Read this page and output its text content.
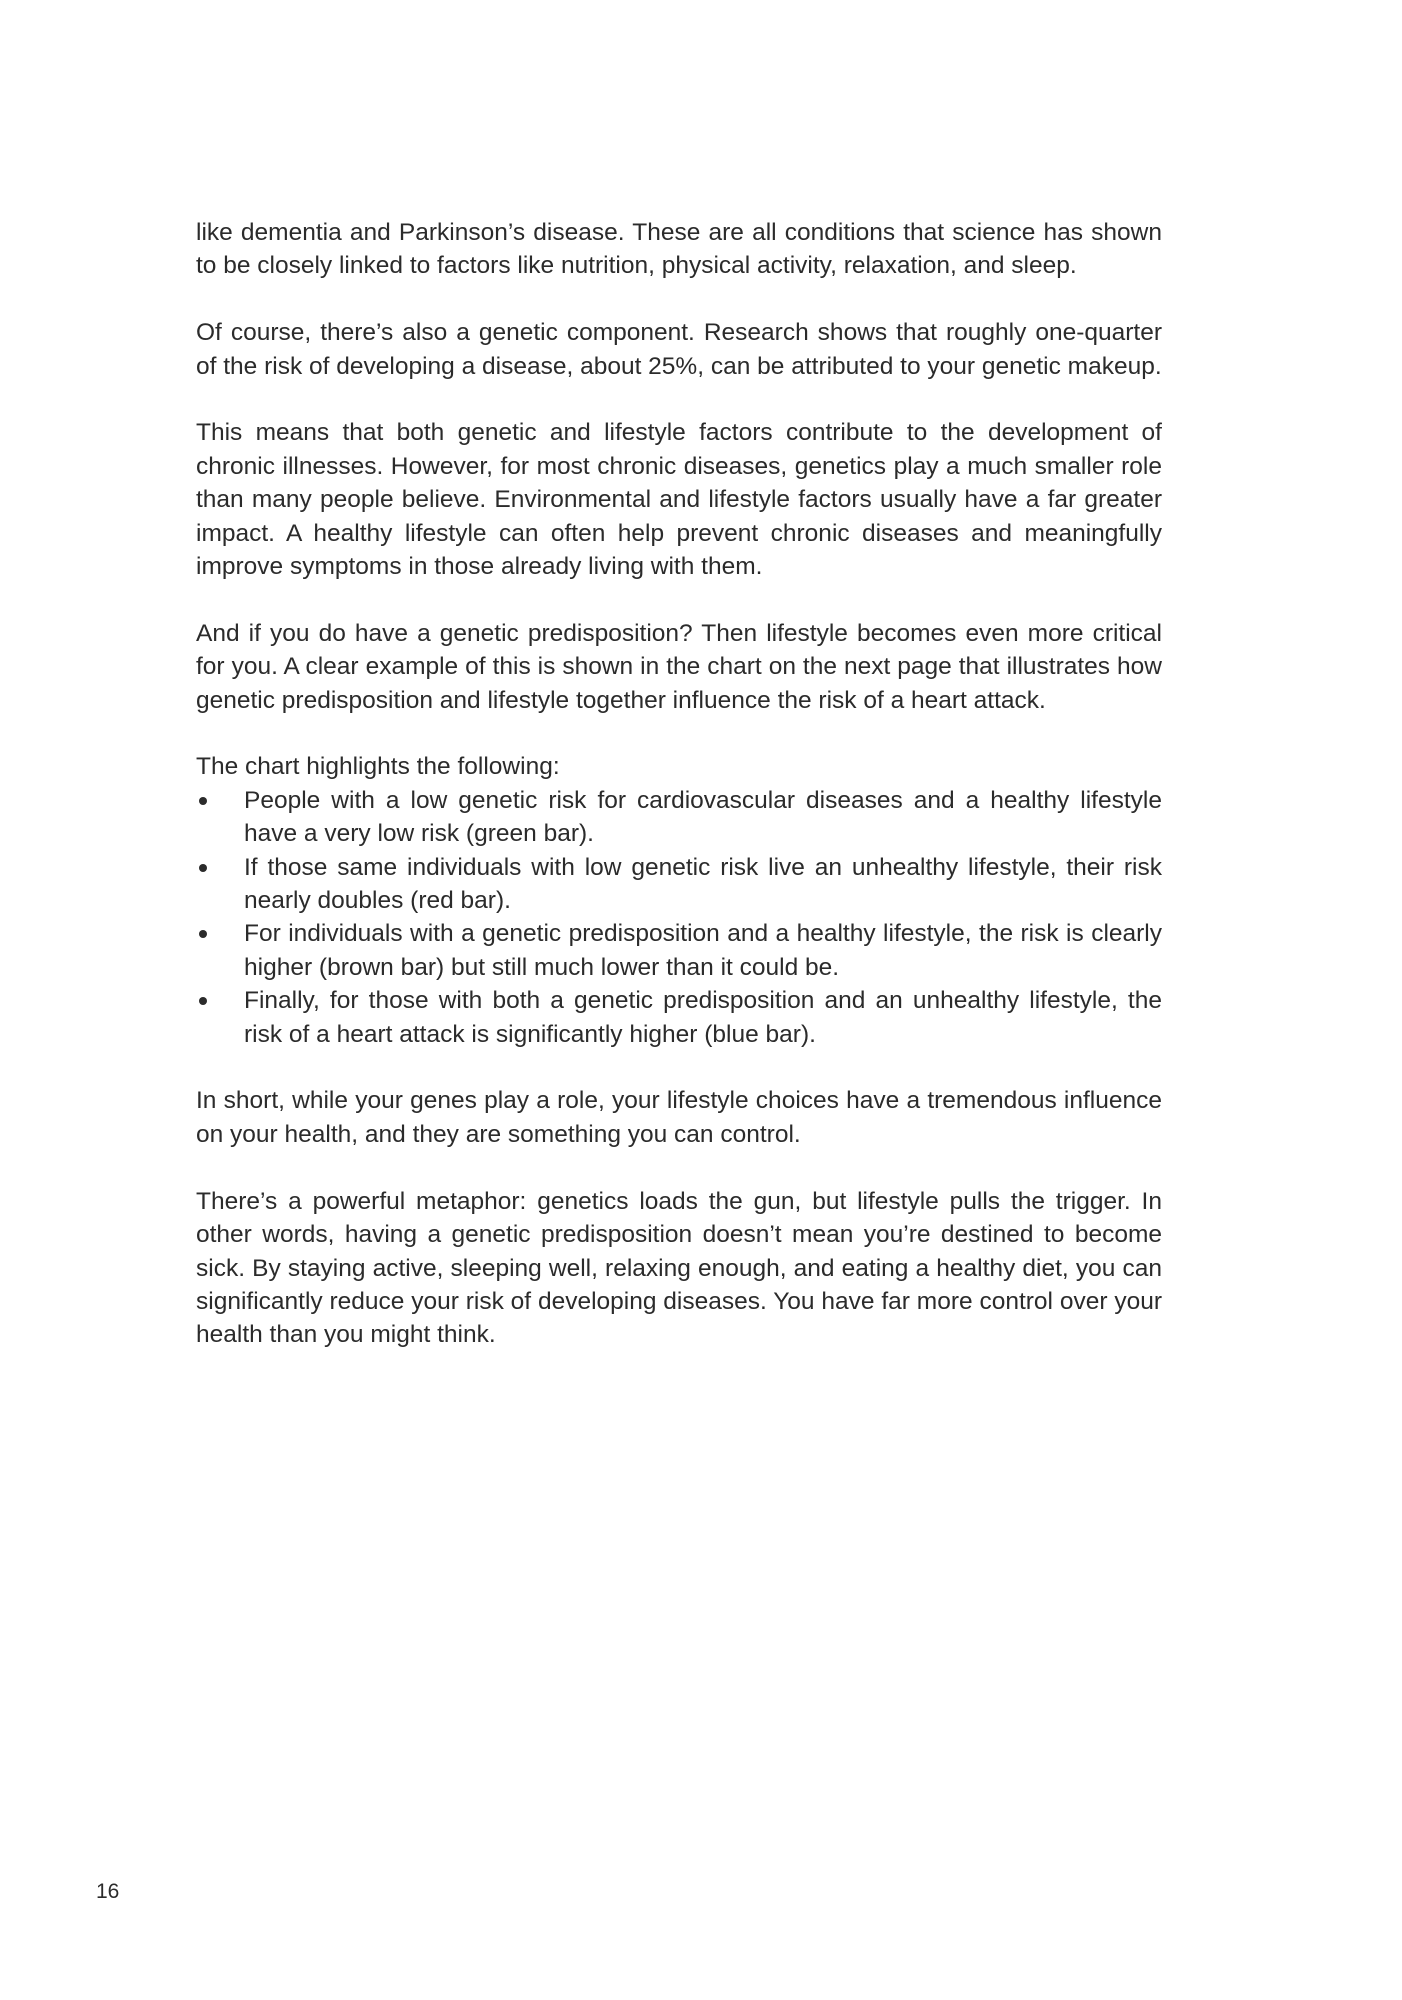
like dementia and Parkinson’s disease. These are all conditions that science has shown to be closely linked to factors like nutrition, physical activity, relaxation, and sleep.

Of course, there’s also a genetic component. Research shows that roughly one-quarter of the risk of developing a disease, about 25%, can be attributed to your genetic makeup.

This means that both genetic and lifestyle factors contribute to the development of chronic illnesses. However, for most chronic diseases, genetics play a much smaller role than many people believe. Environmental and lifestyle factors usually have a far greater impact. A healthy lifestyle can often help prevent chronic diseases and meaningfully improve symptoms in those already living with them.

And if you do have a genetic predisposition? Then lifestyle becomes even more critical for you. A clear example of this is shown in the chart on the next page that illustrates how genetic predisposition and lifestyle together influence the risk of a heart attack.

The chart highlights the following:

People with a low genetic risk for cardiovascular diseases and a healthy lifestyle have a very low risk (green bar).
If those same individuals with low genetic risk live an unhealthy lifestyle, their risk nearly doubles (red bar).
For individuals with a genetic predisposition and a healthy lifestyle, the risk is clearly higher (brown bar) but still much lower than it could be.
Finally, for those with both a genetic predisposition and an unhealthy lifestyle, the risk of a heart attack is significantly higher (blue bar).

In short, while your genes play a role, your lifestyle choices have a tremendous influence on your health, and they are something you can control.

There’s a powerful metaphor: genetics loads the gun, but lifestyle pulls the trigger. In other words, having a genetic predisposition doesn’t mean you’re destined to become sick. By staying active, sleeping well, relaxing enough, and eating a healthy diet, you can significantly reduce your risk of developing diseases. You have far more control over your health than you might think.

16
